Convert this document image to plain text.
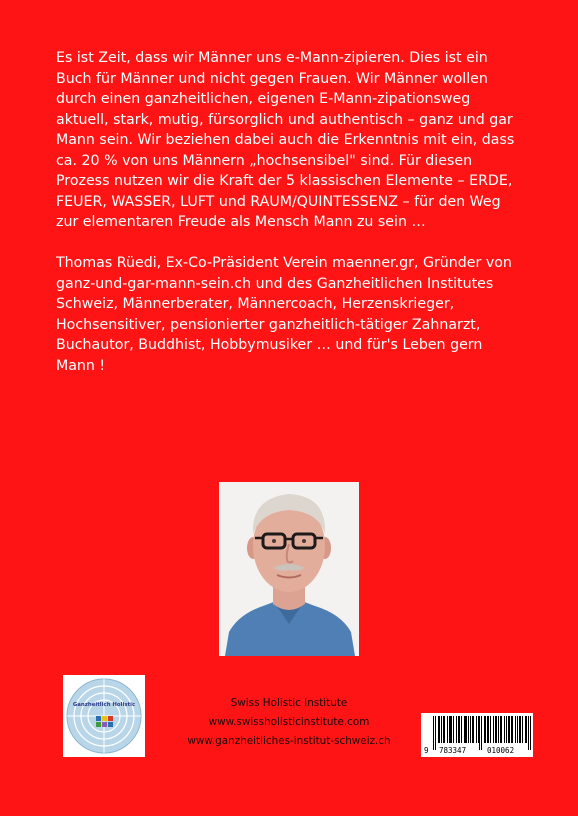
Es ist Zeit, dass wir Männer uns e-Mann-zipieren. Dies ist ein
Buch für Männer und nicht gegen Frauen. Wir Männer wollen
durch einen ganzheitlichen, eigenen E-Mann-zipationsweg
aktuell, stark, mutig, fürsorglich und authentisch – ganz und gar
Mann sein. Wir beziehen dabei auch die Erkenntnis mit ein, dass
ca. 20 % von uns Männern „hochsensibel" sind. Für diesen
Prozess nutzen wir die Kraft der 5 klassischen Elemente – ERDE,
FEUER, WASSER, LUFT und RAUM/QUINTESSENZ – für den Weg
zur elementaren Freude als Mensch Mann zu sein …
Thomas Rüedi, Ex-Co-Präsident Verein maenner.gr, Gründer von
ganz-und-gar-mann-sein.ch und des Ganzheitlichen Institutes
Schweiz, Männerberater, Männercoach, Herzenskrieger,
Hochsensitiver, pensionierter ganzheitlich-tätiger Zahnarzt,
Buchautor, Buddhist, Hobbymusiker … und für's Leben gern
Mann !
Ganzheitlich Holistic	Swiss Holistic Institute
www.swissholisticinstitute.com
www.ganzheitliches-institut-schweiz.ch
9 783347	010062
